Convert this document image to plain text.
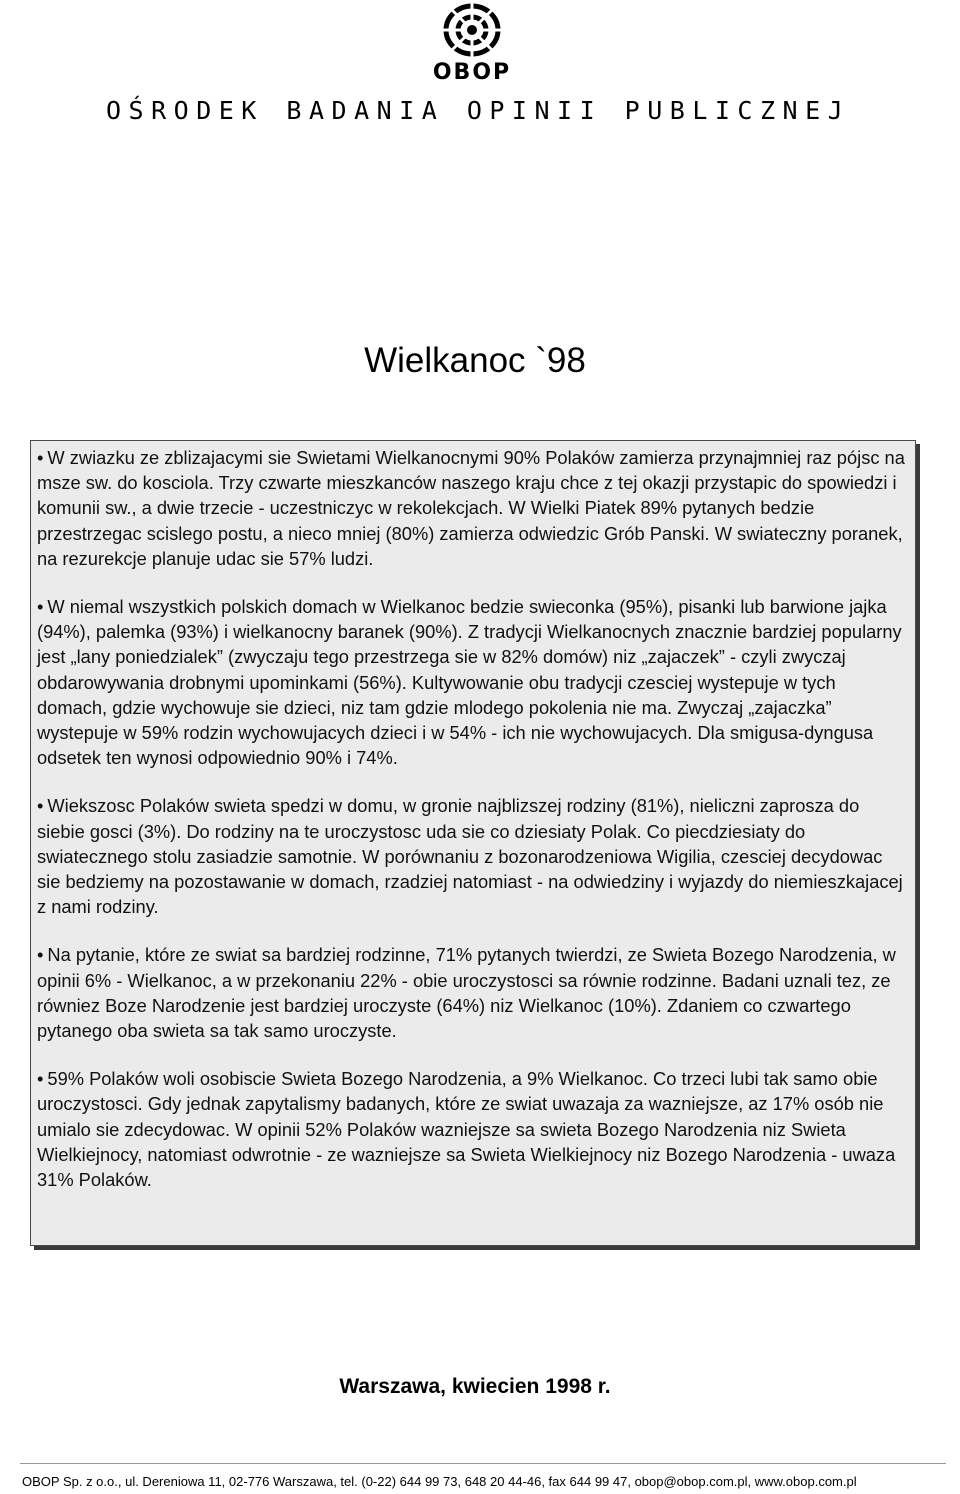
OBOP
OŚRODEK BADANIA OPINII PUBLICZNEJ
Wielkanoc `98

• W zwiazku ze zblizajacymi sie Swietami Wielkanocnymi 90% Polaków zamierza przynajmniej raz pójsc na msze sw. do kosciola. Trzy czwarte mieszkanców naszego kraju chce z tej okazji przystapic do spowiedzi i komunii sw., a dwie trzecie - uczestniczyc w rekolekcjach. W Wielki Piatek 89% pytanych bedzie przestrzegac scislego postu, a nieco mniej (80%) zamierza odwiedzic Grób Panski. W swiateczny poranek, na rezurekcje planuje udac sie 57% ludzi.

• W niemal wszystkich polskich domach w Wielkanoc bedzie swieconka (95%), pisanki lub barwione jajka (94%), palemka (93%) i wielkanocny baranek (90%). Z tradycji Wielkanocnych znacznie bardziej popularny jest „lany poniedzialek” (zwyczaju tego przestrzega sie w 82% domów) niz „zajaczek” - czyli zwyczaj obdarowywania drobnymi upominkami (56%). Kultywowanie obu tradycji czesciej wystepuje w tych domach, gdzie wychowuje sie dzieci, niz tam gdzie mlodego pokolenia nie ma. Zwyczaj „zajaczka” wystepuje w 59% rodzin wychowujacych dzieci i w 54% - ich nie wychowujacych. Dla smigusa-dyngusa odsetek ten wynosi odpowiednio 90% i 74%.

• Wiekszosc Polaków swieta spedzi w domu, w gronie najblizszej rodziny (81%), nieliczni zaprosza do siebie gosci (3%). Do rodziny na te uroczystosc uda sie co dziesiaty Polak. Co piecdziesiaty do swiatecznego stolu zasiadzie samotnie. W porównaniu z bozonarodzeniowa Wigilia, czesciej decydowac sie bedziemy na pozostawanie w domach, rzadziej natomiast - na odwiedziny i wyjazdy do niemieszkajacej z nami rodziny.

• Na pytanie, które ze swiat sa bardziej rodzinne, 71% pytanych twierdzi, ze Swieta Bozego Narodzenia, w opinii 6% - Wielkanoc, a w przekonaniu 22% - obie uroczystosci sa równie rodzinne. Badani uznali tez, ze równiez Boze Narodzenie jest bardziej uroczyste (64%) niz Wielkanoc (10%). Zdaniem co czwartego pytanego oba swieta sa tak samo uroczyste.

• 59% Polaków woli osobiscie Swieta Bozego Narodzenia, a 9% Wielkanoc. Co trzeci lubi tak samo obie uroczystosci. Gdy jednak zapytalismy badanych, które ze swiat uwazaja za wazniejsze, az 17% osób nie umialo sie zdecydowac. W opinii 52% Polaków wazniejsze sa swieta Bozego Narodzenia niz Swieta Wielkiejnocy, natomiast odwrotnie - ze wazniejsze sa Swieta Wielkiejnocy niz Bozego Narodzenia - uwaza 31% Polaków.

Warszawa, kwiecien 1998 r.
OBOP Sp. z o.o., ul. Dereniowa 11, 02-776 Warszawa, tel. (0-22) 644 99 73, 648 20 44-46, fax 644 99 47, obop@obop.com.pl, www.obop.com.pl
